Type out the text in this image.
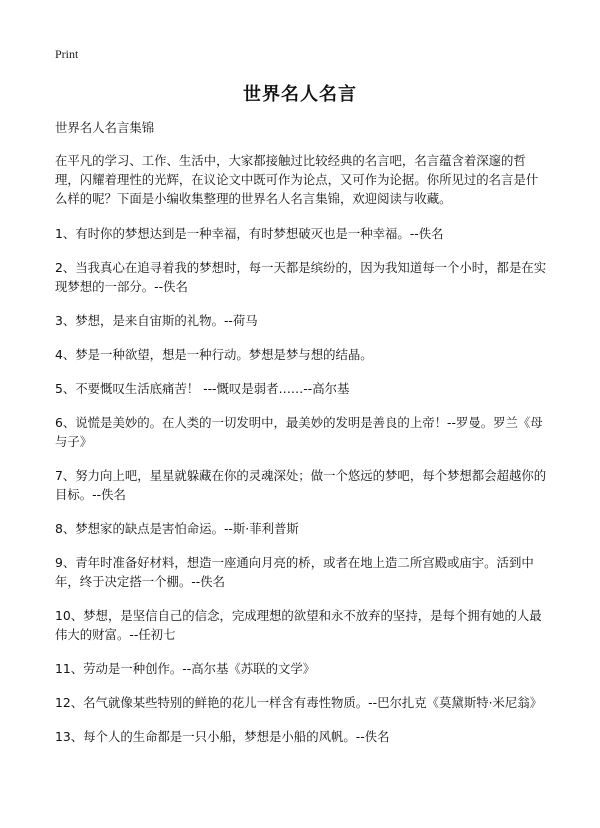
Print
世界名人名言

世界名人名言集锦

在平凡的学习、工作、生活中，大家都接触过比较经典的名言吧，名言蕴含着深邃的哲理，闪耀着理性的光辉，在议论文中既可作为论点，又可作为论据。你所见过的名言是什么样的呢？下面是小编收集整理的世界名人名言集锦，欢迎阅读与收藏。

1、有时你的梦想达到是一种幸福，有时梦想破灭也是一种幸福。--佚名

2、当我真心在追寻着我的梦想时，每一天都是缤纷的，因为我知道每一个小时，都是在实现梦想的一部分。--佚名

3、梦想，是来自宙斯的礼物。--荷马

4、梦是一种欲望，想是一种行动。梦想是梦与想的结晶。

5、不要慨叹生活底痛苦！ ---慨叹是弱者……--高尔基

6、说慌是美妙的。在人类的一切发明中，最美妙的发明是善良的上帝！--罗曼。罗兰《母与子》

7、努力向上吧，星星就躲藏在你的灵魂深处；做一个悠远的梦吧，每个梦想都会超越你的目标。--佚名

8、梦想家的缺点是害怕命运。--斯·菲利普斯

9、青年时准备好材料，想造一座通向月亮的桥，或者在地上造二所宫殿或庙宇。活到中年，终于决定搭一个棚。--佚名

10、梦想，是坚信自己的信念，完成理想的欲望和永不放弃的坚持，是每个拥有她的人最伟大的财富。--任初七

11、劳动是一种创作。--高尔基《苏联的文学》

12、名气就像某些特别的鲜艳的花儿一样含有毒性物质。--巴尔扎克《莫黛斯特·米尼翁》

13、每个人的生命都是一只小船，梦想是小船的风帆。--佚名
